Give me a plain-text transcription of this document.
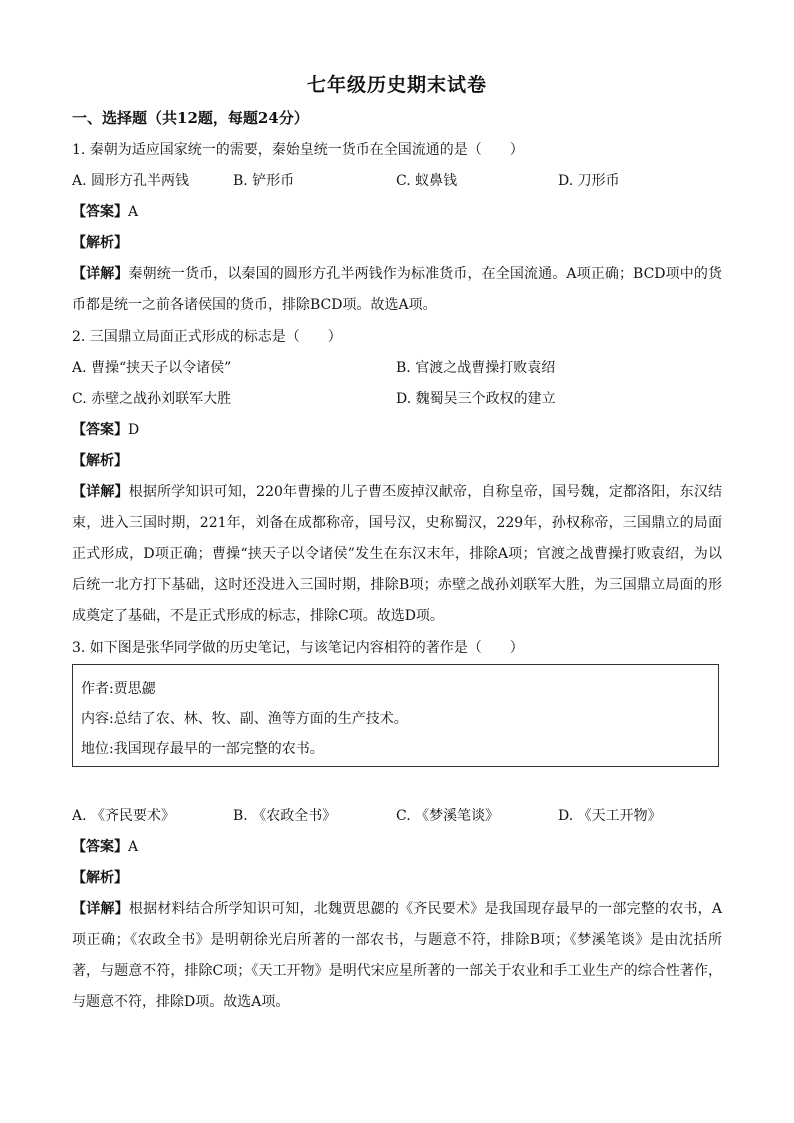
七年级历史期末试卷
一、选择题（共12题，每题24分）
1. 秦朝为适应国家统一的需要，秦始皇统一货币在全国流通的是（　　）
A. 圆形方孔半两钱	B. 铲形币	C. 蚁鼻钱	D. 刀形币
【答案】A
【解析】
【详解】秦朝统一货币，以秦国的圆形方孔半两钱作为标准货币，在全国流通。A项正确；BCD项中的货币都是统一之前各诸侯国的货币，排除BCD项。故选A项。
2. 三国鼎立局面正式形成的标志是（　　）
A. 曹操“挟天子以令诸侯”	B. 官渡之战曹操打败袁绍
C. 赤壁之战孙刘联军大胜	D. 魏蜀吴三个政权的建立
【答案】D
【解析】
【详解】根据所学知识可知，220年曹操的儿子曹丕废掉汉献帝，自称皇帝，国号魏，定都洛阳，东汉结束，进入三国时期，221年，刘备在成都称帝，国号汉，史称蜀汉，229年，孙权称帝，三国鼎立的局面正式形成，D项正确；曹操“挟天子以令诸侯”发生在东汉末年，排除A项；官渡之战曹操打败袁绍，为以后统一北方打下基础，这时还没进入三国时期，排除B项；赤壁之战孙刘联军大胜，为三国鼎立局面的形成奠定了基础，不是正式形成的标志，排除C项。故选D项。
3. 如下图是张华同学做的历史笔记，与该笔记内容相符的著作是（　　）
作者:贾思勰
内容:总结了农、林、牧、副、渔等方面的生产技术。
地位:我国现存最早的一部完整的农书。
A. 《齐民要术》	B. 《农政全书》	C. 《梦溪笔谈》	D. 《天工开物》
【答案】A
【解析】
【详解】根据材料结合所学知识可知，北魏贾思勰的《齐民要术》是我国现存最早的一部完整的农书，A项正确；《农政全书》是明朝徐光启所著的一部农书，与题意不符，排除B项；《梦溪笔谈》是由沈括所著，与题意不符，排除C项；《天工开物》是明代宋应星所著的一部关于农业和手工业生产的综合性著作，与题意不符，排除D项。故选A项。
